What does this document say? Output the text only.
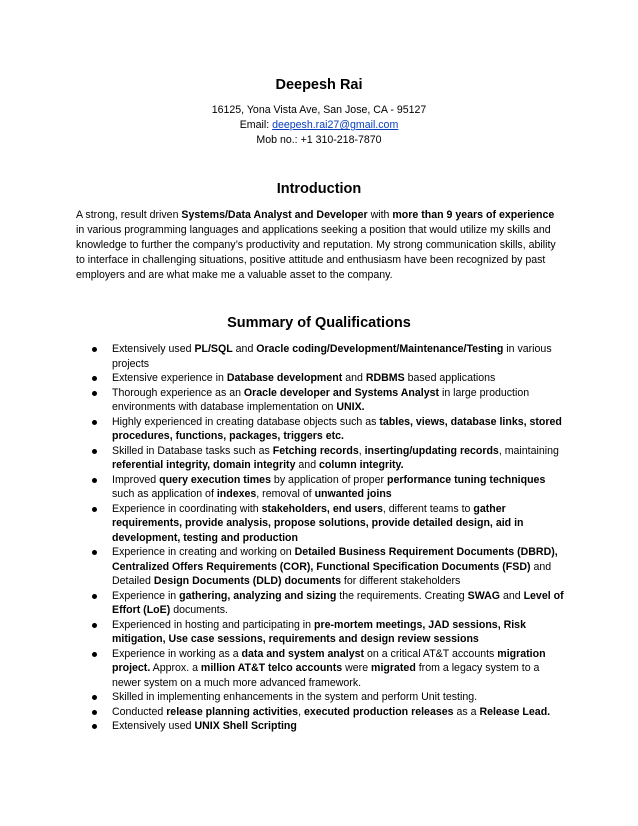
Deepesh Rai
16125, Yona Vista Ave, San Jose, CA - 95127
Email: deepesh.rai27@gmail.com
Mob no.: +1 310-218-7870
Introduction

A strong, result driven Systems/Data Analyst and Developer with more than 9 years of experience in various programming languages and applications seeking a position that would utilize my skills and knowledge to further the company’s productivity and reputation. My strong communication skills, ability to interface in challenging situations, positive attitude and enthusiasm have been recognized by past employers and are what make me a valuable asset to the company.

Summary of Qualifications
Extensively used PL/SQL and Oracle coding/Development/Maintenance/Testing in various projects
Extensive experience in Database development and RDBMS based applications
Thorough experience as an Oracle developer and Systems Analyst in large production environments with database implementation on UNIX.
Highly experienced in creating database objects such as tables, views, database links, stored procedures, functions, packages, triggers etc.
Skilled in Database tasks such as Fetching records, inserting/updating records, maintaining referential integrity, domain integrity and column integrity.
Improved query execution times by application of proper performance tuning techniques such as application of indexes, removal of unwanted joins
Experience in coordinating with stakeholders, end users, different teams to gather requirements, provide analysis, propose solutions, provide detailed design, aid in development, testing and production
Experience in creating and working on Detailed Business Requirement Documents (DBRD), Centralized Offers Requirements (COR), Functional Specification Documents (FSD) and Detailed Design Documents (DLD) documents for different stakeholders
Experience in gathering, analyzing and sizing the requirements. Creating SWAG and Level of Effort (LoE) documents.
Experienced in hosting and participating in pre-mortem meetings, JAD sessions, Risk mitigation, Use case sessions, requirements and design review sessions
Experience in working as a data and system analyst on a critical AT&T accounts migration project. Approx. a million AT&T telco accounts were migrated from a legacy system to a newer system on a much more advanced framework.
Skilled in implementing enhancements in the system and perform Unit testing.
Conducted release planning activities, executed production releases as a Release Lead.
Extensively used UNIX Shell Scripting
